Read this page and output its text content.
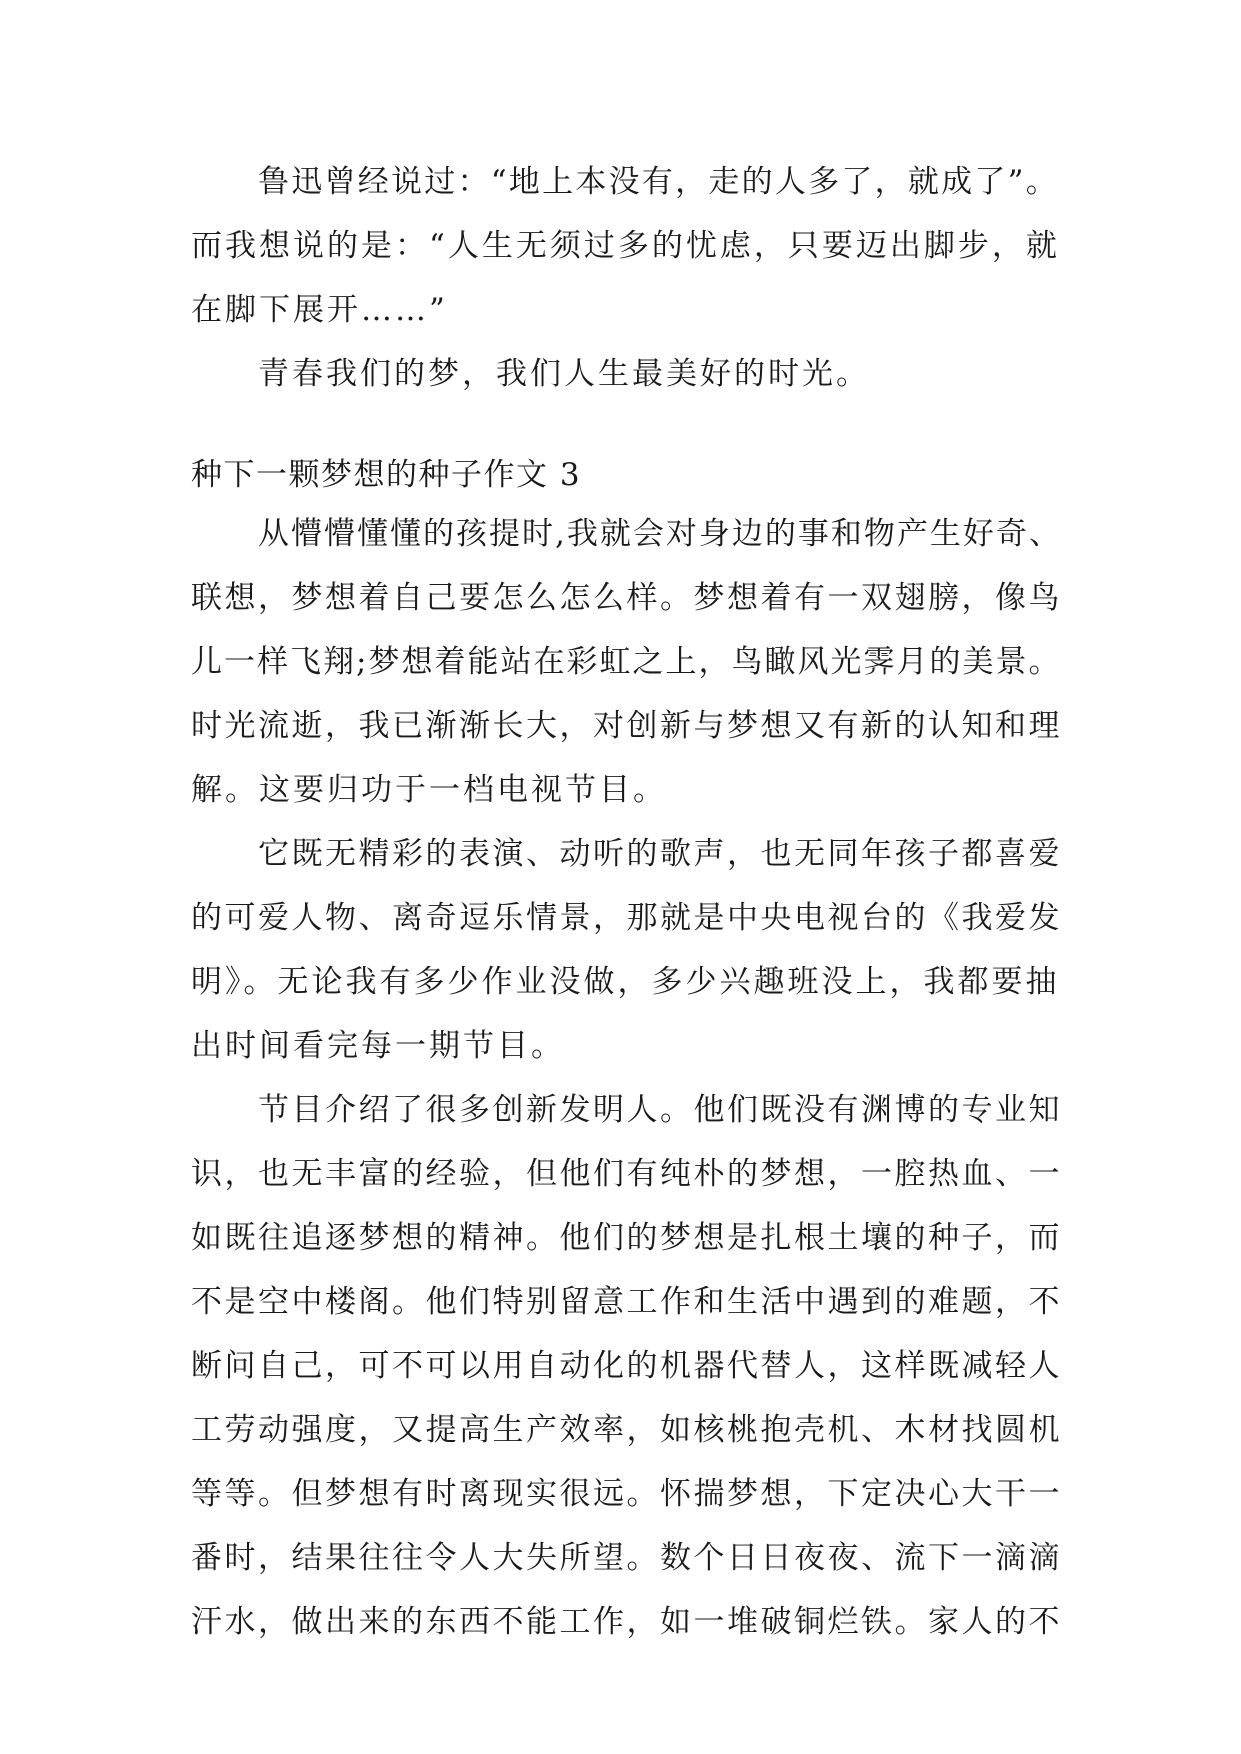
鲁迅曾经说过：“地上本没有，走的人多了，就成了”。
而我想说的是：“人生无须过多的忧虑，只要迈出脚步，就
在脚下展开……”
青春我们的梦，我们人生最美好的时光。
种下一颗梦想的种子作文 3
从懵懵懂懂的孩提时,我就会对身边的事和物产生好奇、
联想，梦想着自己要怎么怎么样。梦想着有一双翅膀，像鸟
儿一样飞翔;梦想着能站在彩虹之上，鸟瞰风光霁月的美景。
时光流逝，我已渐渐长大，对创新与梦想又有新的认知和理
解。这要归功于一档电视节目。
它既无精彩的表演、动听的歌声，也无同年孩子都喜爱
的可爱人物、离奇逗乐情景，那就是中央电视台的《我爱发
明》。无论我有多少作业没做，多少兴趣班没上，我都要抽
出时间看完每一期节目。
节目介绍了很多创新发明人。他们既没有渊博的专业知
识，也无丰富的经验，但他们有纯朴的梦想，一腔热血、一
如既往追逐梦想的精神。他们的梦想是扎根土壤的种子，而
不是空中楼阁。他们特别留意工作和生活中遇到的难题，不
断问自己，可不可以用自动化的机器代替人，这样既减轻人
工劳动强度，又提高生产效率，如核桃抱壳机、木材找圆机
等等。但梦想有时离现实很远。怀揣梦想，下定决心大干一
番时，结果往往令人大失所望。数个日日夜夜、流下一滴滴
汗水，做出来的东西不能工作，如一堆破铜烂铁。家人的不
